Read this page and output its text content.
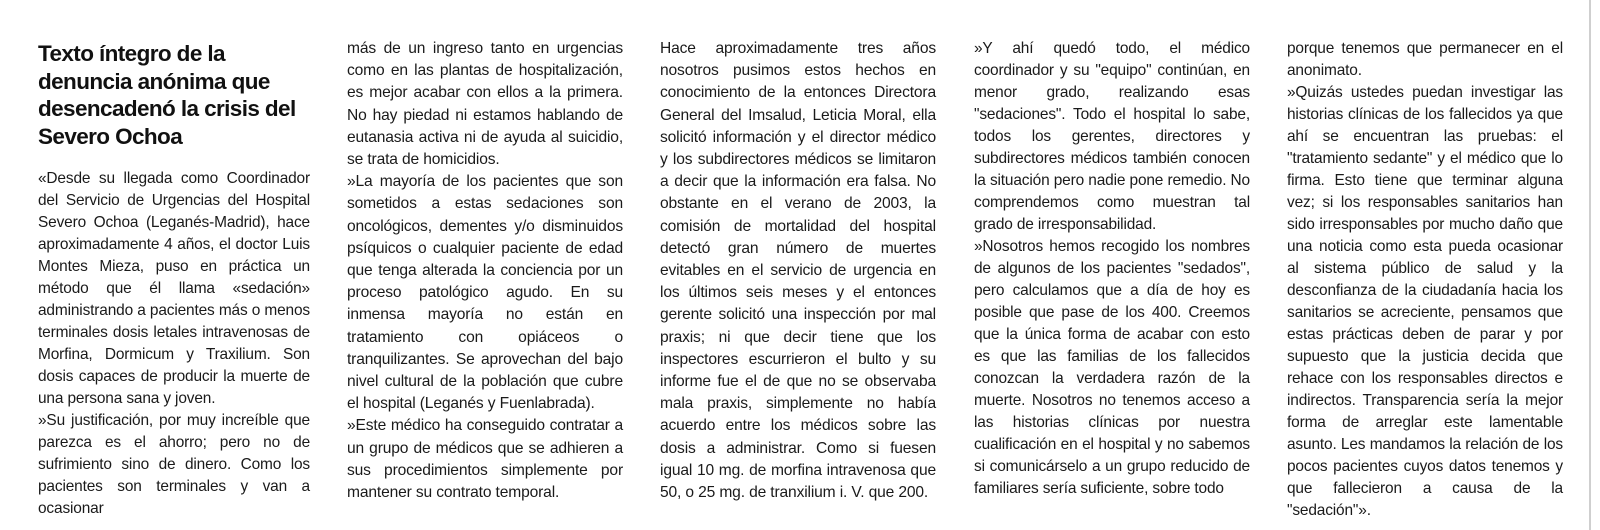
Texto íntegro de la denuncia anónima que desencadenó la crisis del Severo Ochoa

«Desde su llegada como Coordinador del Servicio de Urgencias del Hospital Severo Ochoa (Leganés-Madrid), hace aproximadamente 4 años, el doctor Luis Montes Mieza, puso en práctica un método que él llama «sedación» administrando a pacientes más o menos terminales dosis letales intravenosas de Morfina, Dormicum y Traxilium. Son dosis capaces de producir la muerte de una persona sana y joven.

»Su justificación, por muy increíble que parezca es el ahorro; pero no de sufrimiento sino de dinero. Como los pacientes son terminales y van a ocasionar

más de un ingreso tanto en urgencias como en las plantas de hospitalización, es mejor acabar con ellos a la primera. No hay piedad ni estamos hablando de eutanasia activa ni de ayuda al suicidio, se trata de homicidios.

»La mayoría de los pacientes que son sometidos a estas sedaciones son oncológicos, dementes y/o disminuidos psíquicos o cualquier paciente de edad que tenga alterada la conciencia por un proceso patológico agudo. En su inmensa mayoría no están en tratamiento con opiáceos o tranquilizantes. Se aprovechan del bajo nivel cultural de la población que cubre el hospital (Leganés y Fuenlabrada).

»Este médico ha conseguido contratar a un grupo de médicos que se adhieren a sus procedimientos simplemente por mantener su contrato temporal.

Hace aproximadamente tres años nosotros pusimos estos hechos en conocimiento de la entonces Directora General del Imsalud, Leticia Moral, ella solicitó información y el director médico y los subdirectores médicos se limitaron a decir que la información era falsa. No obstante en el verano de 2003, la comisión de mortalidad del hospital detectó gran número de muertes evitables en el servicio de urgencia en los últimos seis meses y el entonces gerente solicitó una inspección por mal praxis; ni que decir tiene que los inspectores escurrieron el bulto y su informe fue el de que no se observaba mala praxis, simplemente no había acuerdo entre los médicos sobre las dosis a administrar. Como si fuesen igual 10 mg. de morfina intravenosa que 50, o 25 mg. de tranxilium i. V. que 200.

»Y ahí quedó todo, el médico coordinador y su "equipo" continúan, en menor grado, realizando esas "sedaciones". Todo el hospital lo sabe, todos los gerentes, directores y subdirectores médicos también conocen la situación pero nadie pone remedio. No comprendemos como muestran tal grado de irresponsabilidad.

»Nosotros hemos recogido los nombres de algunos de los pacientes "sedados", pero calculamos que a día de hoy es posible que pase de los 400. Creemos que la única forma de acabar con esto es que las familias de los fallecidos conozcan la verdadera razón de la muerte. Nosotros no tenemos acceso a las historias clínicas por nuestra cualificación en el hospital y no sabemos si comunicárselo a un grupo reducido de familiares sería suficiente, sobre todo

porque tenemos que permanecer en el anonimato.

»Quizás ustedes puedan investigar las historias clínicas de los fallecidos ya que ahí se encuentran las pruebas: el "tratamiento sedante" y el médico que lo firma. Esto tiene que terminar alguna vez; si los responsables sanitarios han sido irresponsables por mucho daño que una noticia como esta pueda ocasionar al sistema público de salud y la desconfianza de la ciudadanía hacia los sanitarios se acreciente, pensamos que estas prácticas deben de parar y por supuesto que la justicia decida que rehace con los responsables directos e indirectos. Transparencia sería la mejor forma de arreglar este lamentable asunto. Les mandamos la relación de los pocos pacientes cuyos datos tenemos y que fallecieron a causa de la "sedación"».
